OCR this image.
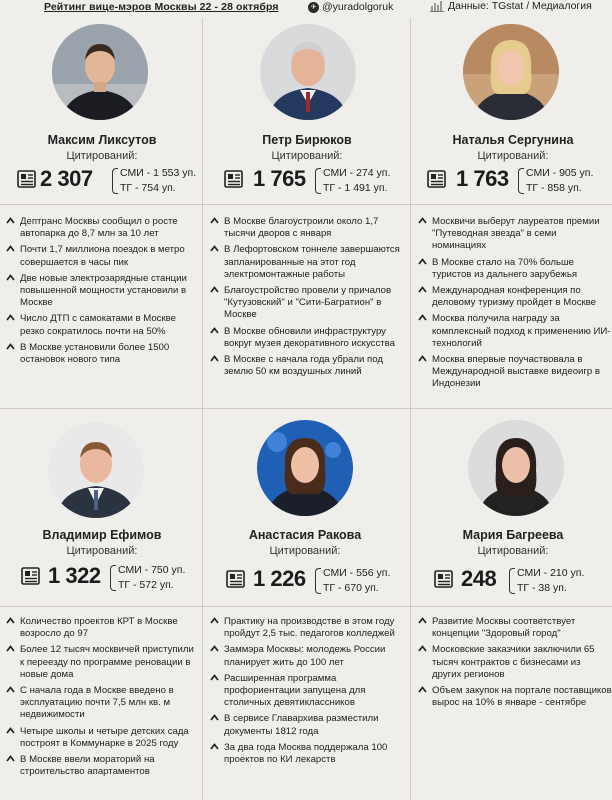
Рейтинг вице-мэров Москвы 22 - 28 октября	✈ @yuradolgoruk	Данные: TGstat / Медиалогия
Максим Ликсутов
Цитирований:
2 307	СМИ - 1 553 уп.
ТГ - 754 уп.
Петр Бирюков
Цитирований:
1 765 СМИ - 274 уп.
ТГ - 1 491 уп.
Наталья Сергунина
Цитирований:
1 763 СМИ - 905 уп.
ТГ - 858 уп.
Дептранс Москвы сообщил о росте автопарка до 8,7 млн за 10 лет
Почти 1,7 миллиона поездок в метро совершается в часы пик
Две новые электрозарядные станции повышенной мощности установили в Москве
Число ДТП с самокатами в Москве резко сократилось почти на 50%
В Москве установили более 1500 остановок нового типа
В Москве благоустроили около 1,7 тысячи дворов с января
В Лефортовском тоннеле завершаются запланированные на этот год электромонтажные работы
Благоустройство провели у причалов "Кутузовский" и "Сити-Багратион" в Москве
В Москве обновили инфраструктуру вокруг музея декоративного искусства
В Москве с начала года убрали под землю 50 км воздушных линий
Москвичи выберут лауреатов премии "Путеводная звезда" в семи номинациях
В Москве стало на 70% больше туристов из дальнего зарубежья
Международная конференция по деловому туризму пройдет в Москве
Москва получила награду за комплексный подход к применению ИИ-технологий
Москва впервые поучаствовала в Международной выставке видеоигр в Индонезии
Владимир Ефимов
Цитирований:
1 322 СМИ - 750 уп.
ТГ - 572 уп.
Анастасия Ракова
Цитирований:
1 226 СМИ - 556 уп.
ТГ - 670 уп.
Мария Багреева
Цитирований:
248 СМИ - 210 уп.
ТГ - 38 уп.
Количество проектов КРТ в Москве возросло до 97
Более 12 тысяч москвичей приступили к переезду по программе реновации в новые дома
С начала года в Москве введено в эксплуатацию почти 7,5 млн кв. м недвижимости
Четыре школы и четыре детских сада построят в Коммунарке в 2025 году
В Москве ввели мораторий на строительство апартаментов
Практику на производстве в этом году пройдут 2,5 тыс. педагогов колледжей
Заммэра Москвы: молодежь России планирует жить до 100 лет
Расширенная программа профориентации запущена для столичных девятиклассников
В сервисе Главархива разместили документы 1812 года
За два года Москва поддержала 100 проектов по КИ лекарств
Развитие Москвы соответствует концепции "Здоровый город"
Московские заказчики заключили 65 тысяч контрактов с бизнесами из других регионов
Объем закупок на портале поставщиков вырос на 10% в январе - сентябре
